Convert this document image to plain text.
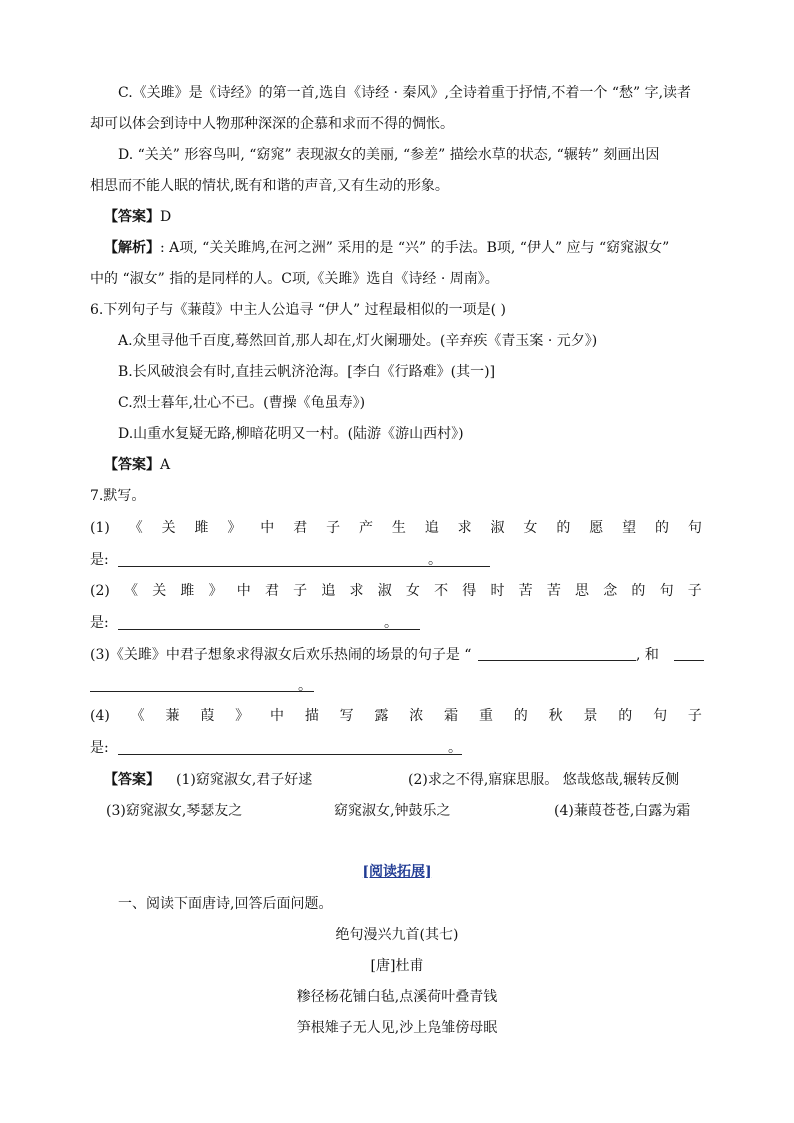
C.《关雎》是《诗经》的第一首,选自《诗经 · 秦风》,全诗着重于抒情,不着一个 “愁” 字,读者
却可以体会到诗中人物那种深深的企慕和求而不得的惆怅。
D. “关关” 形容鸟叫, “窈窕” 表现淑女的美丽, “参差” 描绘水草的状态, “辗转” 刻画出因
相思而不能人眠的情状,既有和谐的声音,又有生动的形象。
【答案】D
【解析】: A项, “关关雎鸠,在河之洲” 采用的是 “兴” 的手法。B项, “伊人” 应与 “窈窕淑女”
中的 “淑女” 指的是同样的人。C项,《关雎》选自《诗经 · 周南》。
6.下列句子与《蒹葭》中主人公追寻 “伊人” 过程最相似的一项是( )
A.众里寻他千百度,蓦然回首,那人却在,灯火阑珊处。(辛弃疾《青玉案 · 元夕》)
B.长风破浪会有时,直挂云帆济沧海。[李白《行路难》(其一)]
C.烈士暮年,壮心不已。(曹操《龟虽寿》)
D.山重水复疑无路,柳暗花明又一村。(陆游《游山西村》)
【答案】A
7.默写。
(1) 《 关 雎 》 中 君 子 产 生 追 求 淑 女 的 愿 望 的 句
是:	。
(2) 《 关 雎 》 中 君 子 追 求 淑 女 不 得 时 苦 苦 思 念 的 句 子
是:	。
(3)《关雎》中君子想象求得淑女后欢乐热闹的场景的句子是 “	, 和
。
(4) 《 蒹 葭 》 中 描 写 露 浓 霜 重 的 秋 景 的 句 子
是:	。
【答案】 (1)窈窕淑女,君子好逑	(2)求之不得,寤寐思服。 悠哉悠哉,辗转反侧
(3)窈窕淑女,琴瑟友之	窈窕淑女,钟鼓乐之	(4)蒹葭苍苍,白露为霜
[阅读拓展]
一、阅读下面唐诗,回答后面问题。
绝句漫兴九首(其七)
[唐]杜甫
糁径杨花铺白毡,点溪荷叶叠青钱
笋根雉子无人见,沙上凫雏傍母眠
